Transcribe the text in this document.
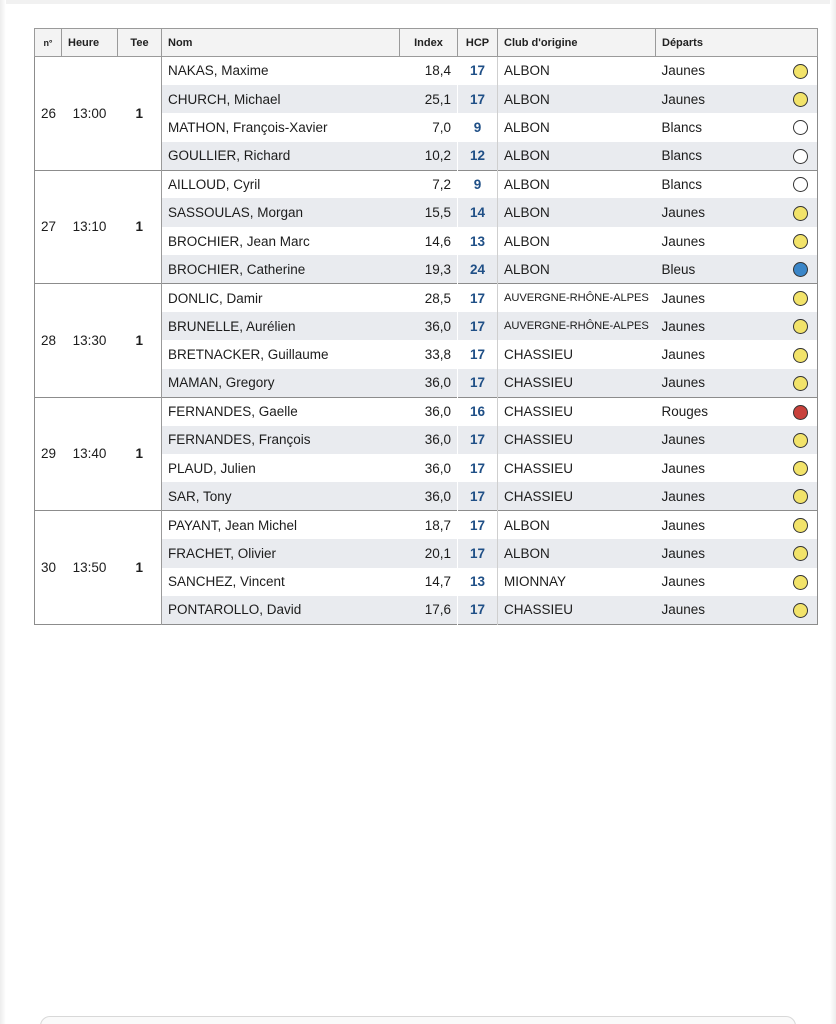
n°	Heure	Tee	Nom	Index	HCP	Club d'origine	Départs	
26	13:00	1	NAKAS, Maxime	18,4	17	ALBON	Jaunes	
			CHURCH, Michael	25,1	17	ALBON	Jaunes	
			MATHON, François-Xavier	7,0	9	ALBON	Blancs	
			GOULLIER, Richard	10,2	12	ALBON	Blancs	
27	13:10	1	AILLOUD, Cyril	7,2	9	ALBON	Blancs	
			SASSOULAS, Morgan	15,5	14	ALBON	Jaunes	
			BROCHIER, Jean Marc	14,6	13	ALBON	Jaunes	
			BROCHIER, Catherine	19,3	24	ALBON	Bleus	
28	13:30	1	DONLIC, Damir	28,5	17	AUVERGNE-RHÔNE-ALPES	Jaunes	
			BRUNELLE, Aurélien	36,0	17	AUVERGNE-RHÔNE-ALPES	Jaunes	
			BRETNACKER, Guillaume	33,8	17	CHASSIEU	Jaunes	
			MAMAN, Gregory	36,0	17	CHASSIEU	Jaunes	
29	13:40	1	FERNANDES, Gaelle	36,0	16	CHASSIEU	Rouges	
			FERNANDES, François	36,0	17	CHASSIEU	Jaunes	
			PLAUD, Julien	36,0	17	CHASSIEU	Jaunes	
			SAR, Tony	36,0	17	CHASSIEU	Jaunes	
30	13:50	1	PAYANT, Jean Michel	18,7	17	ALBON	Jaunes	
			FRACHET, Olivier	20,1	17	ALBON	Jaunes	
			SANCHEZ, Vincent	14,7	13	MIONNAY	Jaunes	
			PONTAROLLO, David	17,6	17	CHASSIEU	Jaunes	
